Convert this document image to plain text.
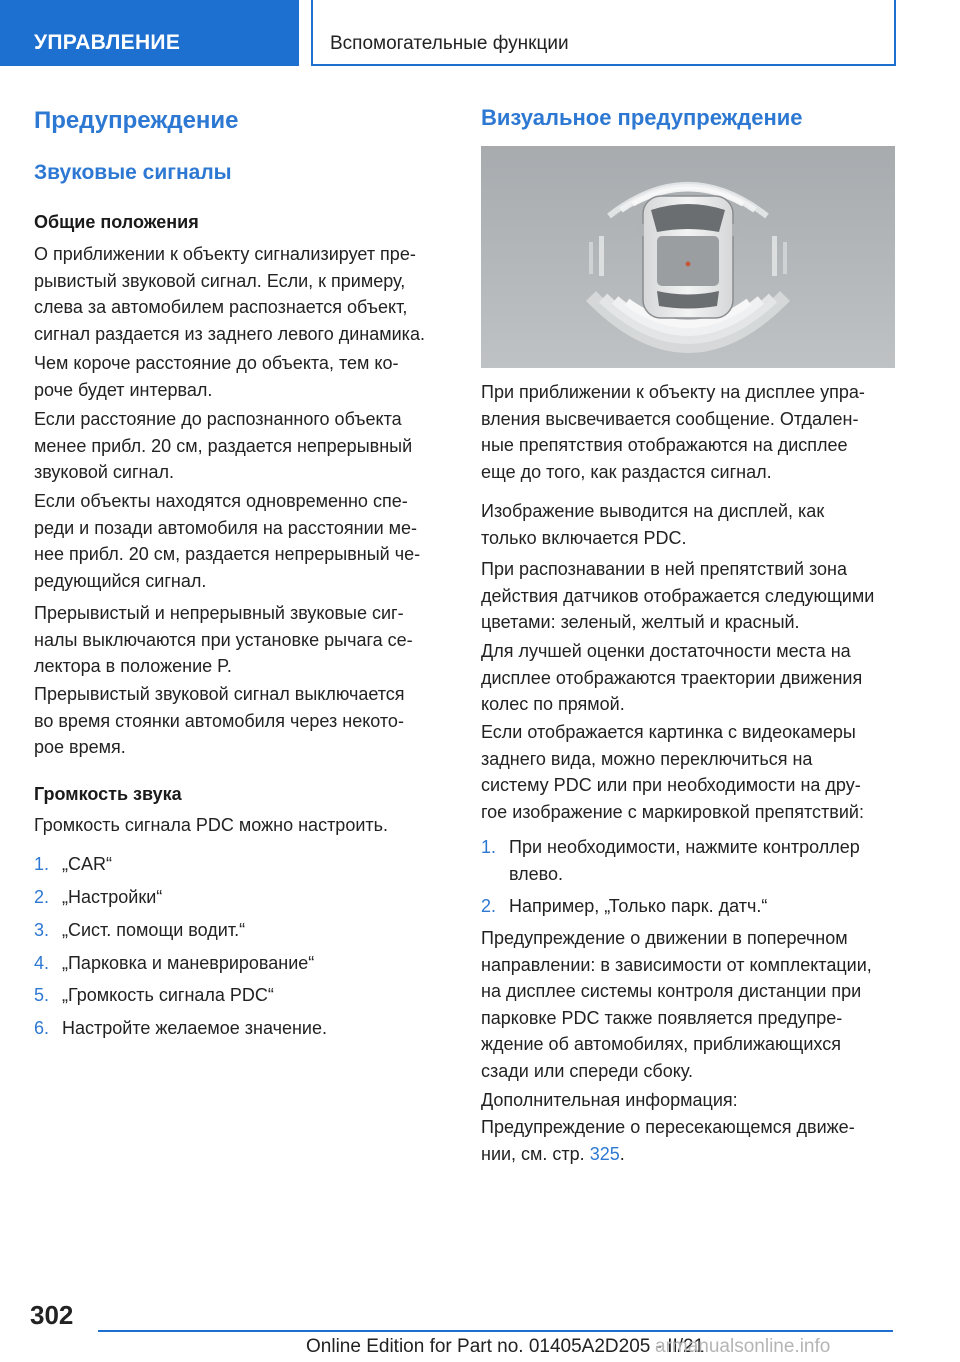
УПРАВЛЕНИЕ	Вспомогательные функции
Предупреждение
Звуковые сигналы
Общие положения
О приближении к объекту сигнализирует пре-
рывистый звуковой сигнал. Если, к примеру,
слева за автомобилем распознается объект,
сигнал раздается из заднего левого динамика.
Чем короче расстояние до объекта, тем ко-
роче будет интервал.
Если расстояние до распознанного объекта
менее прибл. 20 см, раздается непрерывный
звуковой сигнал.
Если объекты находятся одновременно спе-
реди и позади автомобиля на расстоянии ме-
нее прибл. 20 см, раздается непрерывный че-
редующийся сигнал.
Прерывистый и непрерывный звуковые сиг-
налы выключаются при установке рычага се-
лектора в положение P.
Прерывистый звуковой сигнал выключается
во время стоянки автомобиля через некото-
рое время.
Громкость звука
Громкость сигнала PDC можно настроить.
1. „CAR“
2. „Настройки“
3. „Сист. помощи водит.“
4. „Парковка и маневрирование“
5. „Громкость сигнала PDC“
6. Настройте желаемое значение.
Визуальное предупреждение
При приближении к объекту на дисплее упра-
вления высвечивается сообщение. Отдален-
ные препятствия отображаются на дисплее
еще до того, как раздастся сигнал.
Изображение выводится на дисплей, как
только включается PDC.
При распознавании в ней препятствий зона
действия датчиков отображается следующими
цветами: зеленый, желтый и красный.
Для лучшей оценки достаточности места на
дисплее отображаются траектории движения
колес по прямой.
Если отображается картинка с видеокамеры
заднего вида, можно переключиться на
систему PDC или при необходимости на дру-
гое изображение с маркировкой препятствий:
1. При необходимости, нажмите контроллер
влево.
2. Например, „Только парк. датч.“
Предупреждение о движении в поперечном
направлении: в зависимости от комплектации,
на дисплее системы контроля дистанции при
парковке PDC также появляется предупре-
ждение об автомобилях, приближающихся
сзади или спереди сбоку.
Дополнительная информация:
Предупреждение о пересекающемся движе-
нии, см. стр. 325.
302
Online Edition for Part no. 01405A2D205 - II/21
armanualsonline.info
